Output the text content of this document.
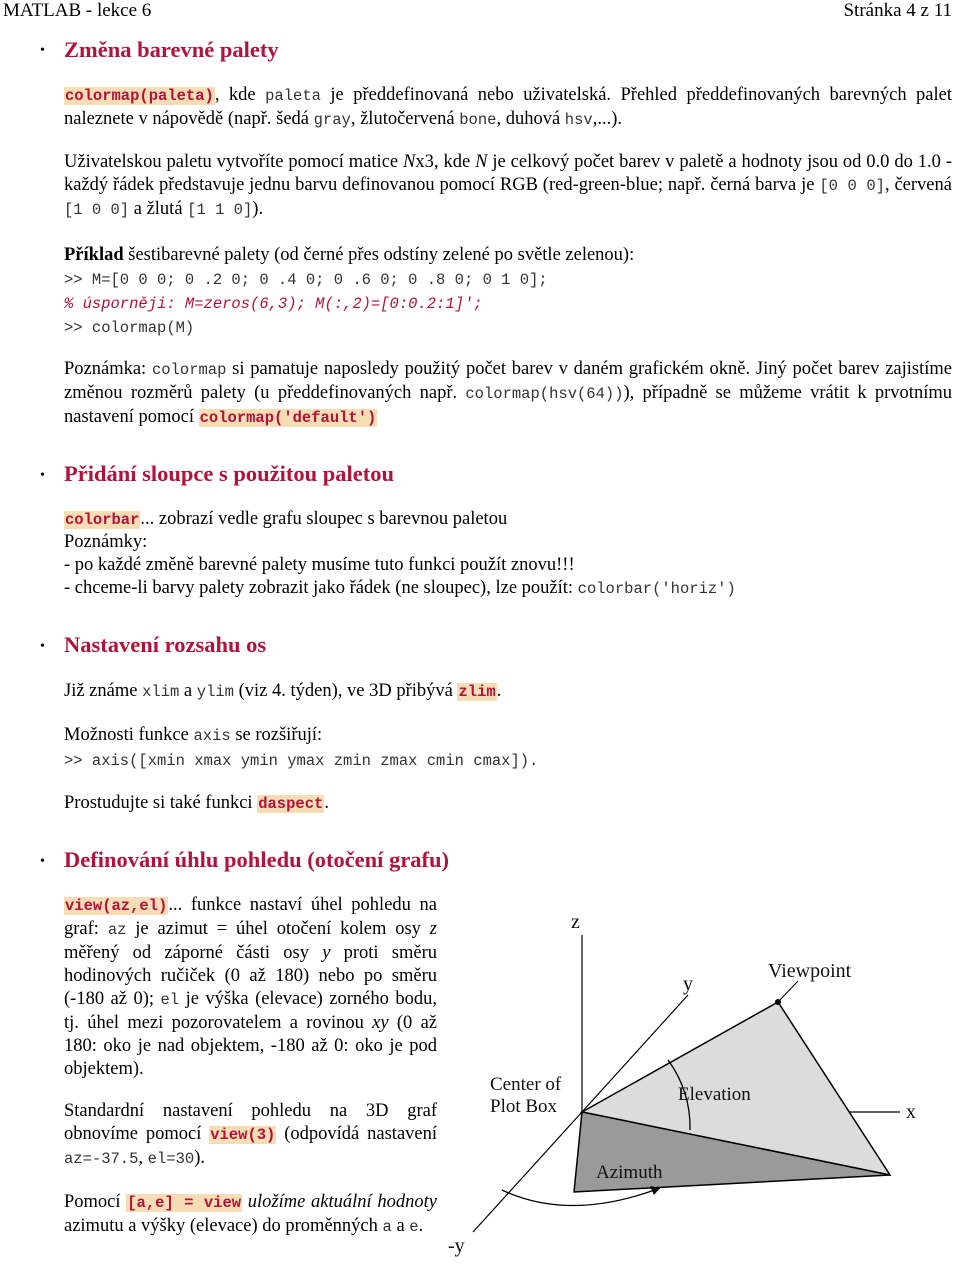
MATLAB - lekce 6	Stránka 4 z 11
• Změna barevné palety

colormap(paleta), kde paleta je předdefinovaná nebo uživatelská. Přehled předdefinovaných barevných palet naleznete v nápovědě (např. šedá gray, žlutočervená bone, duhová hsv,...).

Uživatelskou paletu vytvoříte pomocí matice Nx3, kde N je celkový počet barev v paletě a hodnoty jsou od 0.0 do 1.0 - každý řádek představuje jednu barvu definovanou pomocí RGB (red-green-blue; např. černá barva je [0 0 0], červená [1 0 0] a žlutá [1 1 0]).

Příklad šestibarevné palety (od černé přes odstíny zelené po světle zelenou):

>> M=[0 0 0; 0 .2 0; 0 .4 0; 0 .6 0; 0 .8 0; 0 1 0];
% úsporněji: M=zeros(6,3); M(:,2)=[0:0.2:1]';
>> colormap(M)

Poznámka: colormap si pamatuje naposledy použitý počet barev v daném grafickém okně. Jiný počet barev zajistíme změnou rozměrů palety (u předdefinovaných např. colormap(hsv(64))), případně se můžeme vrátit k prvotnímu nastavení pomocí colormap('default')

• Přidání sloupce s použitou paletou

colorbar... zobrazí vedle grafu sloupec s barevnou paletou

Poznámky:

- po každé změně barevné palety musíme tuto funkci použít znovu!!!

- chceme-li barvy palety zobrazit jako řádek (ne sloupec), lze použít: colorbar('horiz')

• Nastavení rozsahu os

Již známe xlim a ylim (viz 4. týden), ve 3D přibývá zlim.

Možnosti funkce axis se rozšiřují:

>> axis([xmin xmax ymin ymax zmin zmax cmin cmax]).

Prostudujte si také funkci daspect.

• Definování úhlu pohledu (otočení grafu)

view(az,el)... funkce nastaví úhel pohledu na graf: az je azimut = úhel otočení kolem osy z měřený od záporné části osy y proti směru hodinových ručiček (0 až 180) nebo po směru (-180 až 0); el je výška (elevace) zorného bodu, tj. úhel mezi pozorovatelem a rovinou xy (0 až 180: oko je nad objektem, -180 až 0: oko je pod objektem).

Standardní nastavení pohledu na 3D graf obnovíme pomocí view(3) (odpovídá nastavení az=-37.5, el=30).

Pomocí [a,e] = view uložíme aktuální hodnoty azimutu a výšky (elevace) do proměnných a a e.

z
y
x
-y
Viewpoint
Center of
Plot Box
Elevation
Azimuth
